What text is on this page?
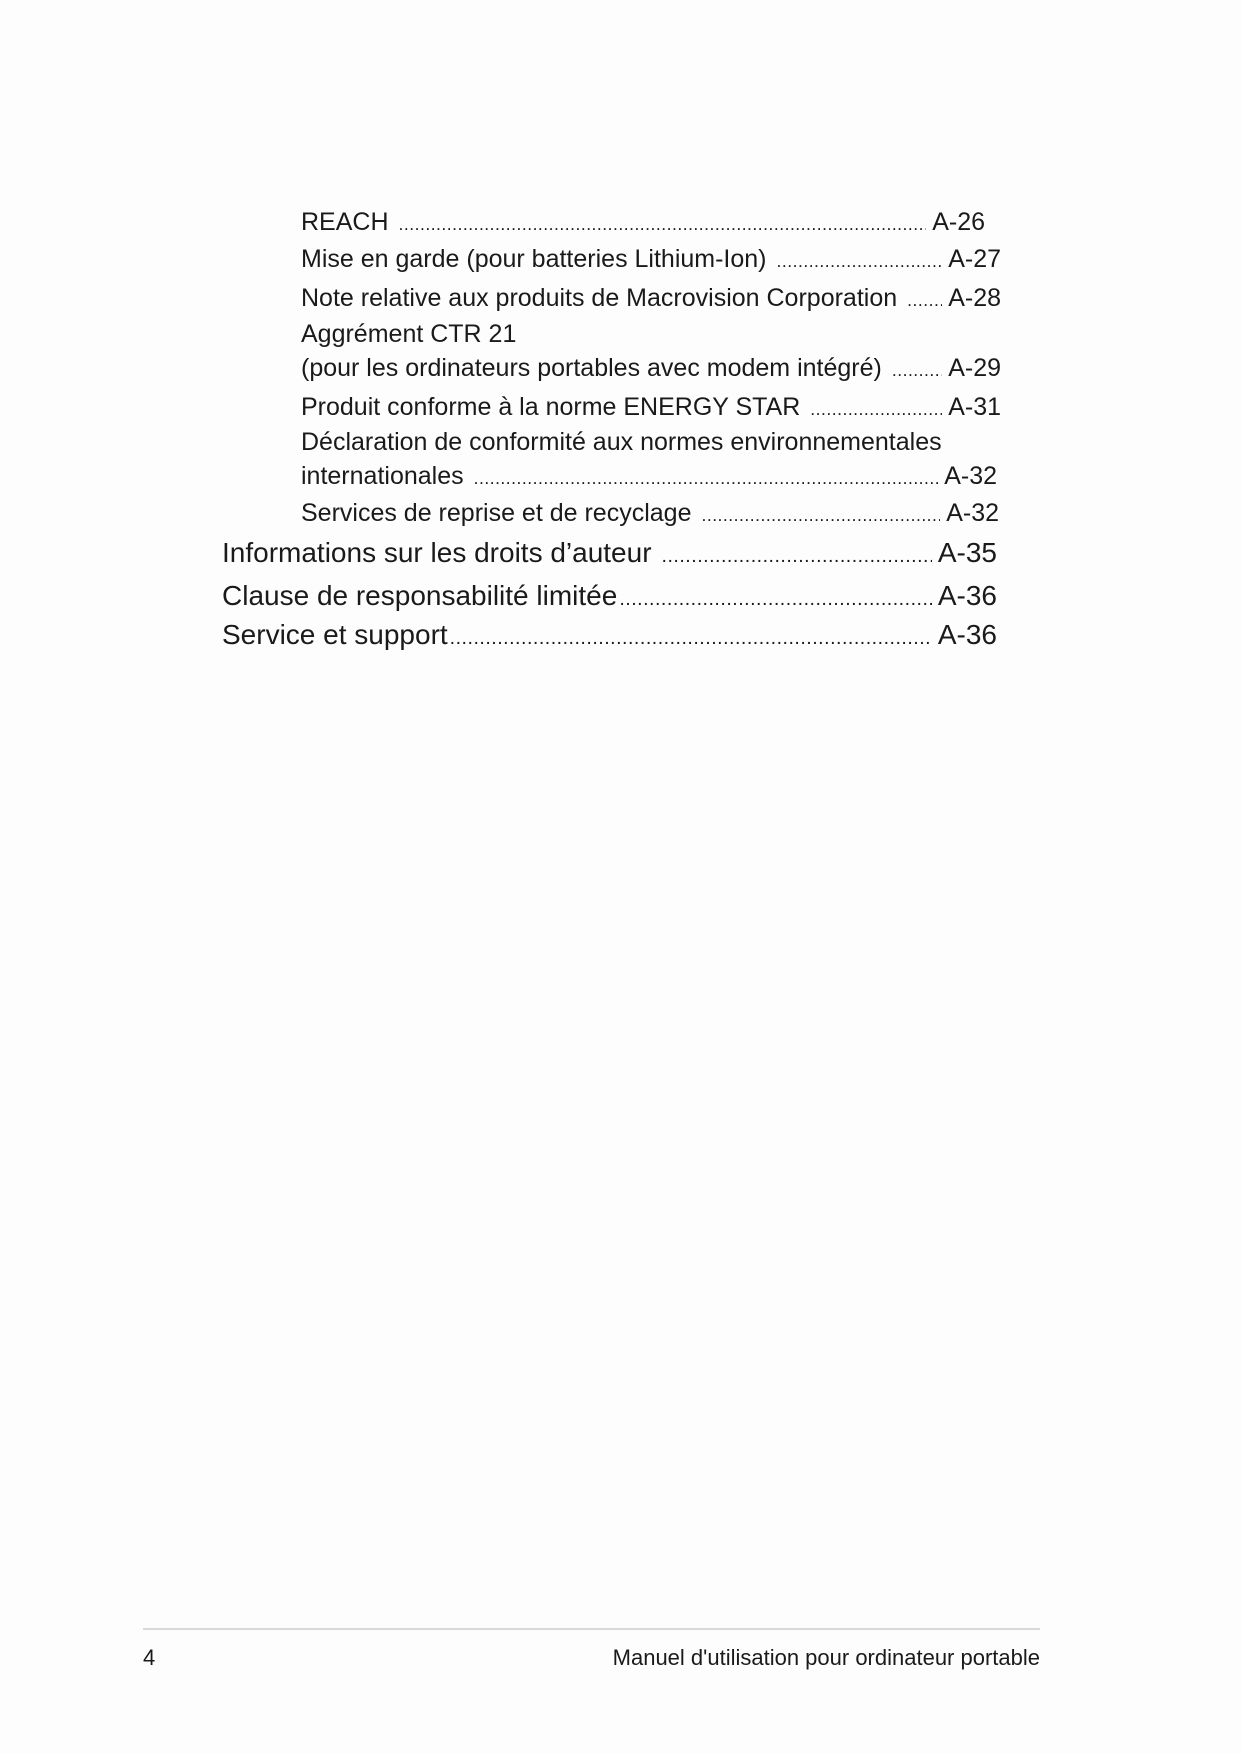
REACH .....	A-26
Mise en garde (pour batteries Lithium-Ion) .....	A-27
Note relative aux produits de Macrovision Corporation ..... A-28
Aggrément CTR 21
(pour les ordinateurs portables avec modem intégré) .....	A-29
Produit conforme à la norme ENERGY STAR .....	A-31
Déclaration de conformité aux normes environnementales
internationales .....	A-32
Services de reprise et de recyclage .....	A-32
Informations sur les droits d’auteur .....	A-35
Clause de responsabilité limitée .....	A-36
Service et support .....	A-36
4	Manuel d'utilisation pour ordinateur portable
